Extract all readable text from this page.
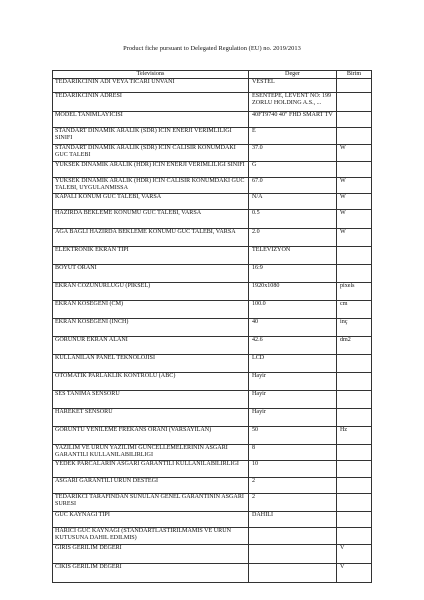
Product fiche pursuant to Delegated Regulation (EU) no. 2019/2013
Televisions	Deger	Birim
TEDARIKCININ ADI VEYA TICARI UNVANI	VESTEL	
TEDARIKCININ ADRESI	ESENTEPE, LEVENT NO: 199 ZORLU HOLDING A.S., ...	
MODEL TANIMLAYICISI	40FT9740 40" FHD SMART TV	
STANDART DINAMIK ARALIK (SDR) ICIN ENERJI VERIMLILIGI SINIFI	E	
STANDART DINAMIK ARALIK (SDR) ICIN CALISIR KONUMDAKI GUC TALEBI	37.0	W
YUKSEK DINAMIK ARALIK (HDR) ICIN ENERJI VERIMLILIGI SINIFI	G	
YUKSEK DINAMIK ARALIK (HDR) ICIN CALISIR KONUMDAKI GUC TALEBI, UYGULANMISSA	67.0	W
KAPALI KONUM GUC TALEBI, VARSA	N/A	W
HAZIRDA BEKLEME KONUMU GUC TALEBI, VARSA	0.5	W
AGA BAGLI HAZIRDA BEKLEME KONUMU GUC TALEBI, VARSA	2.0	W
ELEKTRONIK EKRAN TIPI	TELEVIZYON	
BOYUT ORANI	16:9	
EKRAN COZUNURLUGU (PIKSEL)	1920x1080	pixels
EKRAN KOSEGENI (CM)	100.0	cm
EKRAN KOSEGENI (INCH)	40	inç
GORUNUR EKRAN ALANI	42.6	dm2
KULLANILAN PANEL TEKNOLOJISI	LCD	
OTOMATIK PARLAKLIK KONTROLU (ABC)	Hayir	
SES TANIMA SENSORU	Hayir	
HAREKET SENSORU	Hayir	
GORUNTU YENILEME FREKANS ORANI (VARSAYILAN)	50	Hz
YAZILIM VE URUN YAZILIMI GUNCELLEMELERININ ASGARI GARANTILI KULLANILABILIRLIGI	8	
YEDEK PARCALARIN ASGARI GARANTILI KULLANILABILIRLIGI	10	
ASGARI GARANTILI URUN DESTEGI	2	
TEDARIKCI TARAFINDAN SUNULAN GENEL GARANTININ ASGARI SURESI	2	
GUC KAYNAGI TIPI	DAHILI	
HARICI GUC KAYNAGI (STANDARTLASTIRILMAMIS VE URUN KUTUSUNA DAHIL EDILMIS)		
GIRIS GERILIM DEGERI		V
CIKIS GERILIM DEGERI		V
